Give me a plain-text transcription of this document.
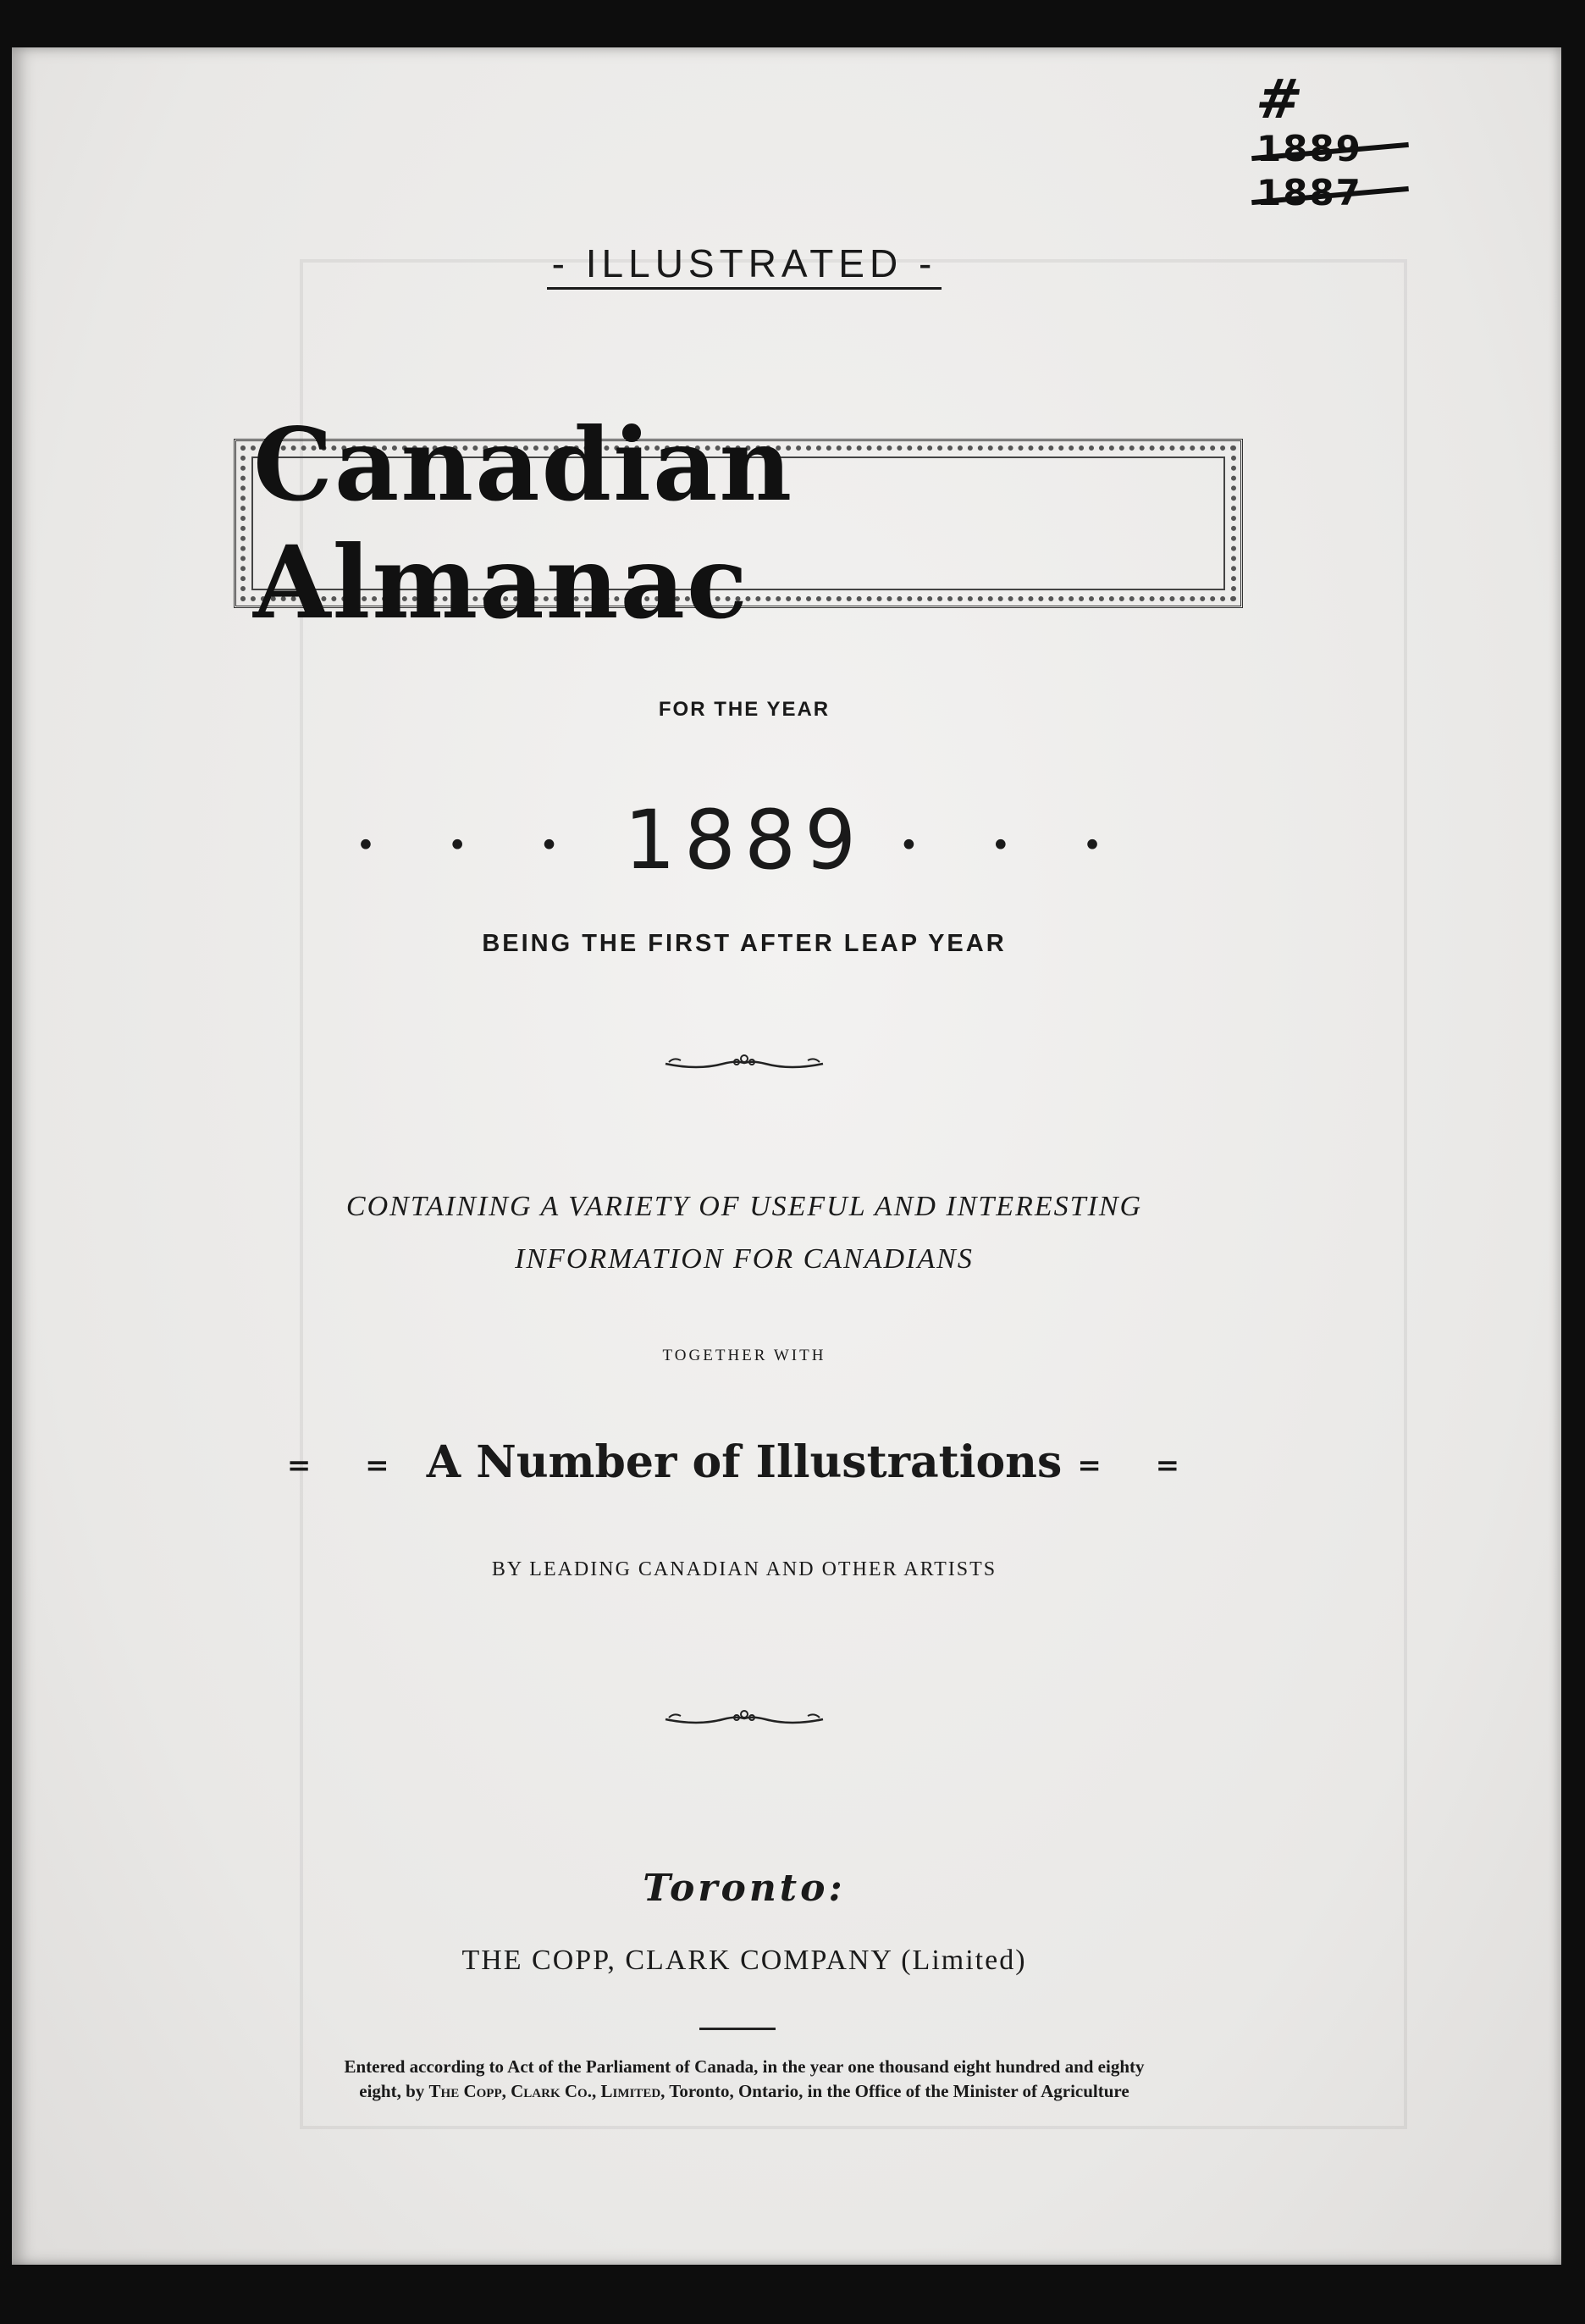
#
1889
1887
- ILLUSTRATED -
Canadian Almanac
FOR THE YEAR
• • • 1889 • • •
BEING THE FIRST AFTER LEAP YEAR
CONTAINING A VARIETY OF USEFUL AND INTERESTING
INFORMATION FOR CANADIANS
TOGETHER WITH
= = A Number of Illustrations = =
BY LEADING CANADIAN AND OTHER ARTISTS
Toronto:
THE COPP, CLARK COMPANY (Limited)
Entered according to Act of the Parliament of Canada, in the year one thousand eight hundred and eighty
eight, by The Copp, Clark Co., Limited, Toronto, Ontario, in the Office of the Minister of Agriculture
